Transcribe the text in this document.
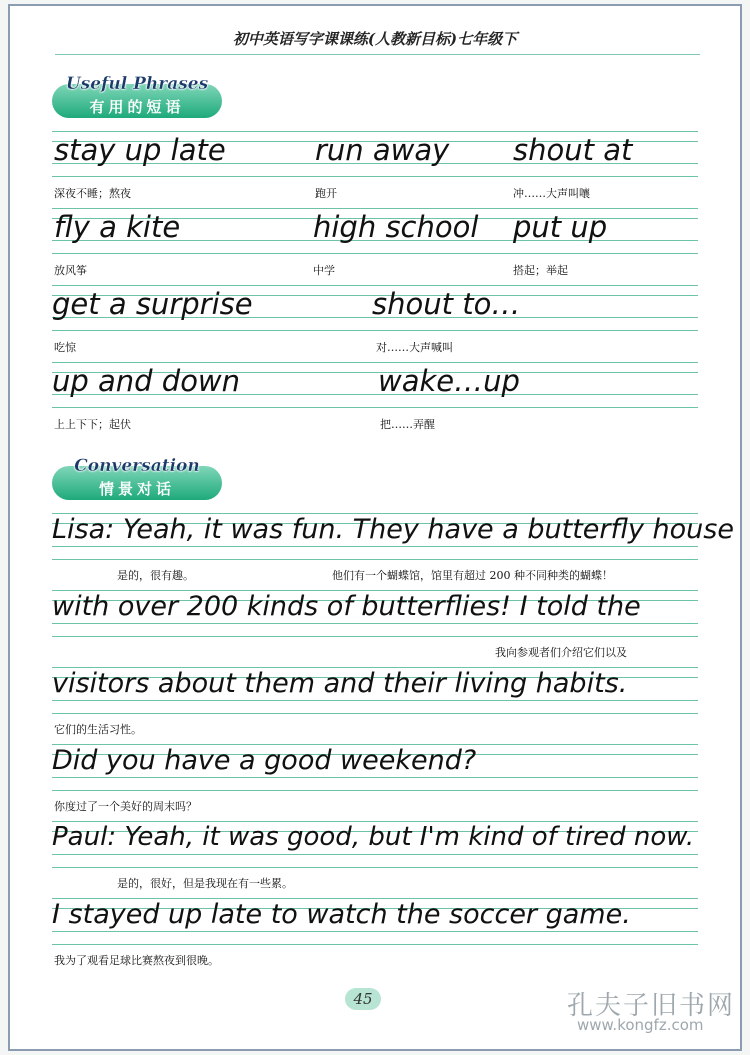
初中英语写字课课练(人教新目标)七年级下
Useful Phrases
有用的短语
stay up late
深夜不睡；熬夜
run away
跑开
shout at
冲……大声叫嚷
fly a kite
放风筝
high school
中学
put up
搭起；举起
get a surprise
吃惊
shout to…
对……大声喊叫
up and down
上上下下；起伏
wake…up
把……弄醒
Conversation
情景对话
Lisa: Yeah, it was fun. They have a butterfly house
是的，很有趣。	他们有一个蝴蝶馆，馆里有超过 200 种不同种类的蝴蝶！
with over 200 kinds of butterflies! I told the
我向参观者们介绍它们以及
visitors about them and their living habits.
它们的生活习性。
Did you have a good weekend?
你度过了一个美好的周末吗？
Paul: Yeah, it was good, but I'm kind of tired now.
是的，很好，但是我现在有一些累。
I stayed up late to watch the soccer game.
我为了观看足球比赛熬夜到很晚。
45	孔夫子旧书网
www.kongfz.com
